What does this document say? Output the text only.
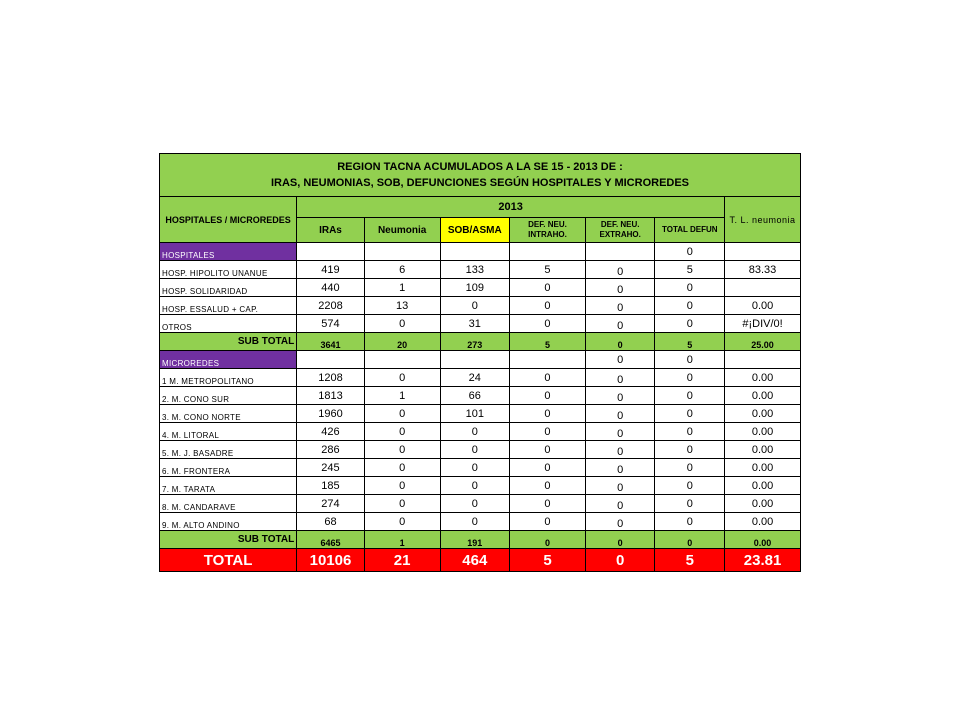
REGION TACNA ACUMULADOS A LA SE 15 - 2013 DE :
IRAS, NEUMONIAS, SOB, DEFUNCIONES SEGÚN HOSPITALES Y MICROREDES							

HOSPITALES / MICROREDES	2013						T. L. neumonia
	IRAs	Neumonia	SOB/ASMA	DEF. NEU. INTRAHO.	DEF. NEU. EXTRAHO.	TOTAL DEFUN	
HOSPITALES						0	
HOSP. HIPOLITO UNANUE	419	6	133	5	0	5	83.33
HOSP. SOLIDARIDAD	440	1	109	0	0	0	
HOSP. ESSALUD + CAP.	2208	13	0	0	0	0	0.00
OTROS	574	0	31	0	0	0	#¡DIV/0!
SUB TOTAL	3641	20	273	5	0	5	25.00
MICROREDES					0	0	
1 M. METROPOLITANO	1208	0	24	0	0	0	0.00
2. M. CONO SUR	1813	1	66	0	0	0	0.00
3. M. CONO NORTE	1960	0	101	0	0	0	0.00
4. M. LITORAL	426	0	0	0	0	0	0.00
5. M. J. BASADRE	286	0	0	0	0	0	0.00
6. M. FRONTERA	245	0	0	0	0	0	0.00
7. M. TARATA	185	0	0	0	0	0	0.00
8. M. CANDARAVE	274	0	0	0	0	0	0.00
9. M. ALTO ANDINO	68	0	0	0	0	0	0.00
SUB TOTAL	6465	1	191	0	0	0	0.00
TOTAL	10106	21	464	5	0	5	23.81
